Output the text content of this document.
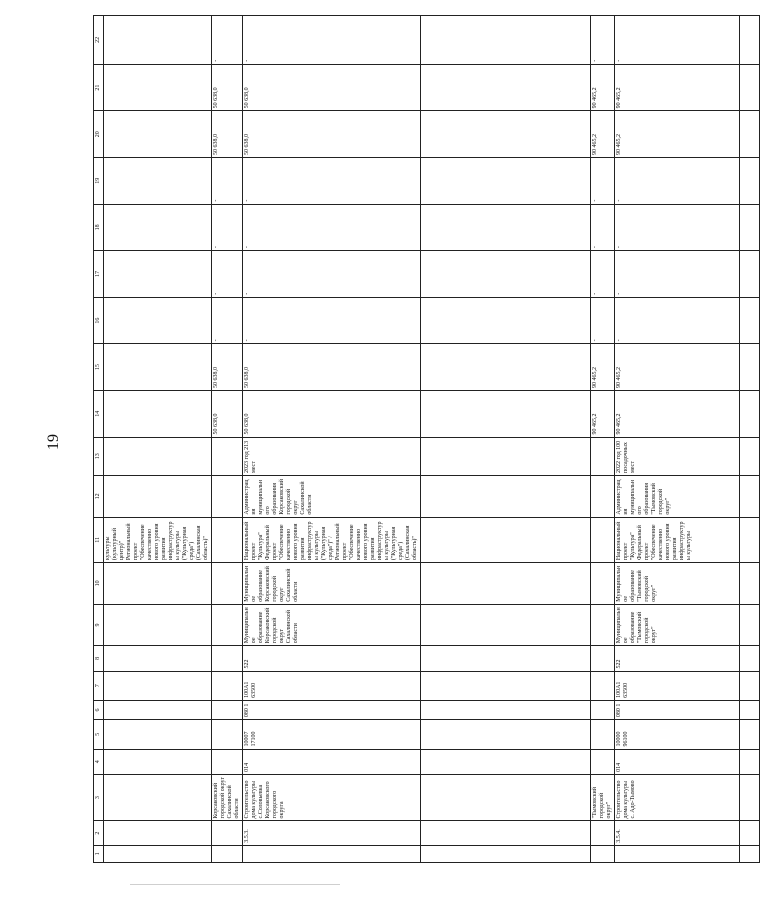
19
1	2	3	4	5	6	7	8	9	10	11	12	13	14	15	16	17	18	19	20	21	22
										культуры (культурный центр)" Региональный проект "Обеспечение качественно нового уровня развития инфраструктуры культуры ("Культурная среда") (Сахалинская область)"											
		Корсаковский городской округ Сахалинской области											50 638,0	50 638,0	-	-	-	-	50 638,0	50 638,0	-
	3.5.3.	Строительство дома культуры с.Соловьевка Корсаковского городского округа	014	10007 17100	080 1	100А1 63500	522	Муниципальное образование Корсаковский городской округ Сахалинской области	Муниципальное образование Корсаковский городской округ Сахалинской области	Национальный проект "Культура" Федеральный проект "Обеспечение качественно нового уровня развития инфраструктуры культуры ("Культурная среда")" / Региональный проект "Обеспечение качественно нового уровня развития инфраструктуры культуры ("Культурная среда") (Сахалинская область)"	Администрация муниципального образования Корсаковский городской округ Сахалинской области	2023 год 213 мест	50 638,0	50 638,0	-	-	-	-	50 638,0	50 638,0	-

		"Тымовский городской округ"											90 465,2	90 465,2	-	-	-	-	90 465,2	90 465,2	-
	3.5.4.	Строительство дома культуры с. Адо-Тымово	014	10000 96100	080 1	100А1 63500	522	Муниципальное образование "Тымовский городской округ"	Муниципальное образование "Тымовский городской округ"	Национальный проект "Культура" Федеральный проект "Обеспечение качественно нового уровня развития инфраструктуры культуры	Администрация муниципального образования "Тымовский городской округ"	2022 год 100 посадочных мест	90 465,2	90 465,2	-	-	-	-	90 465,2	90 465,2	-
